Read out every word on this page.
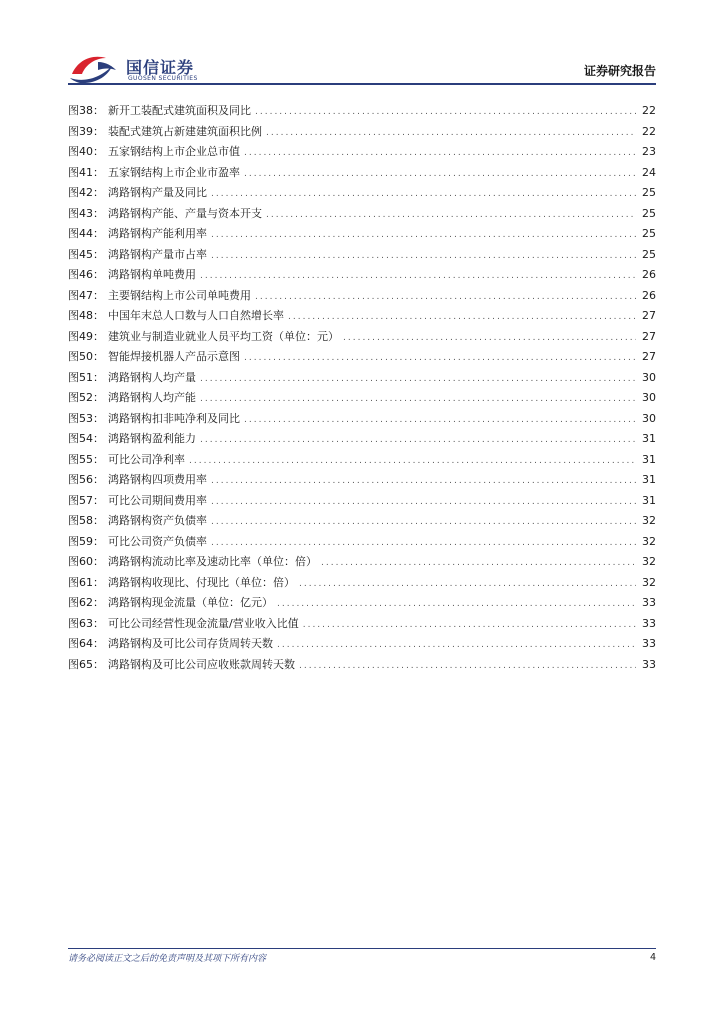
国信证券
GUOSEN SECURITIES
证券研究报告
图38 ： 新开工装配式建筑面积及同比 .....	22
图39 ： 装配式建筑占新建建筑面积比例 .....	22
图40 ： 五家钢结构上市企业总市值 .....	23
图41 ： 五家钢结构上市企业市盈率 .....	24
图42 ： 鸿路钢构产量及同比 .....	25
图43 ： 鸿路钢构产能、产量与资本开支 .....	25
图44 ： 鸿路钢构产能利用率 .....	25
图45 ： 鸿路钢构产量市占率 .....	25
图46 ： 鸿路钢构单吨费用 .....	26
图47 ： 主要钢结构上市公司单吨费用 .....	26
图48 ： 中国年末总人口数与人口自然增长率 .....	27
图49 ： 建筑业与制造业就业人员平均工资（单位：元） .....	27
图50 ： 智能焊接机器人产品示意图 .....	27
图51 ： 鸿路钢构人均产量 .....	30
图52 ： 鸿路钢构人均产能 .....	30
图53 ： 鸿路钢构扣非吨净利及同比 .....	30
图54 ： 鸿路钢构盈利能力 .....	31
图55 ： 可比公司净利率 .....	31
图56 ： 鸿路钢构四项费用率 .....	31
图57 ： 可比公司期间费用率 .....	31
图58 ： 鸿路钢构资产负债率 .....	32
图59 ： 可比公司资产负债率 .....	32
图60 ： 鸿路钢构流动比率及速动比率（单位：倍） .....	32
图61 ： 鸿路钢构收现比、付现比（单位：倍） .....	32
图62 ： 鸿路钢构现金流量（单位：亿元） .....	33
图63 ： 可比公司经营性现金流量/营业收入比值 .....	33
图64 ： 鸿路钢构及可比公司存货周转天数 .....	33
图65 ： 鸿路钢构及可比公司应收账款周转天数 .....	33
请务必阅读正文之后的免责声明及其项下所有内容	4
